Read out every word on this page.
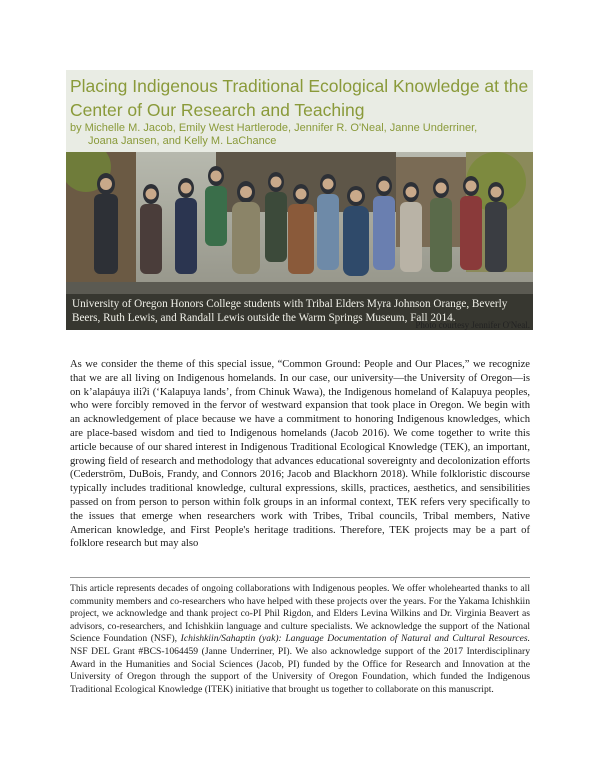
Placing Indigenous Traditional Ecological Knowledge at the Center of Our Research and Teaching
by Michelle M. Jacob, Emily West Hartlerode, Jennifer R. O'Neal, Janne Underriner,
Joana Jansen, and Kelly M. LaChance

University of Oregon Honors College students with Tribal Elders Myra Johnson Orange, Beverly Beers, Ruth Lewis, and Randall Lewis outside the Warm Springs Museum, Fall 2014.

Photo courtesy Jennifer O'Neal.

As we consider the theme of this special issue, “Common Ground: People and Our Places,” we recognize that we are all living on Indigenous homelands. In our case, our university—the University of Oregon—is on k’alapáuya iliʔi (‘Kalapuya lands’, from Chinuk Wawa), the Indigenous homeland of Kalapuya peoples, who were forcibly removed in the fervor of westward expansion that took place in Oregon. We begin with an acknowledgement of place because we have a commitment to honoring Indigenous knowledges, which are place-based wisdom and tied to Indigenous homelands (Jacob 2016). We come together to write this article because of our shared interest in Indigenous Traditional Ecological Knowledge (TEK), an important, growing field of research and methodology that advances educational sovereignty and decolonization efforts (Cederström, DuBois, Frandy, and Connors 2016; Jacob and Blackhorn 2018). While folkloristic discourse typically includes traditional knowledge, cultural expressions, skills, practices, aesthetics, and sensibilities passed on from person to person within folk groups in an informal context, TEK refers very specifically to the issues that emerge when researchers work with Tribes, Tribal councils, Tribal members, Native American knowledge, and First People's heritage traditions. Therefore, TEK projects may be a part of folklore research but may also

This article represents decades of ongoing collaborations with Indigenous peoples. We offer wholehearted thanks to all community members and co-researchers who have helped with these projects over the years. For the Yakama Ichishkiin project, we acknowledge and thank project co-PI Phil Rigdon, and Elders Levina Wilkins and Dr. Virginia Beavert as advisors, co-researchers, and Ichishkiin language and culture specialists. We acknowledge the support of the National Science Foundation (NSF), Ichishkiin/Sahaptin (yak): Language Documentation of Natural and Cultural Resources. NSF DEL Grant #BCS-1064459 (Janne Underriner, PI). We also acknowledge support of the 2017 Interdisciplinary Award in the Humanities and Social Sciences (Jacob, PI) funded by the Office for Research and Innovation at the University of Oregon through the support of the University of Oregon Foundation, which funded the Indigenous Traditional Ecological Knowledge (ITEK) initiative that brought us together to collaborate on this manuscript.
